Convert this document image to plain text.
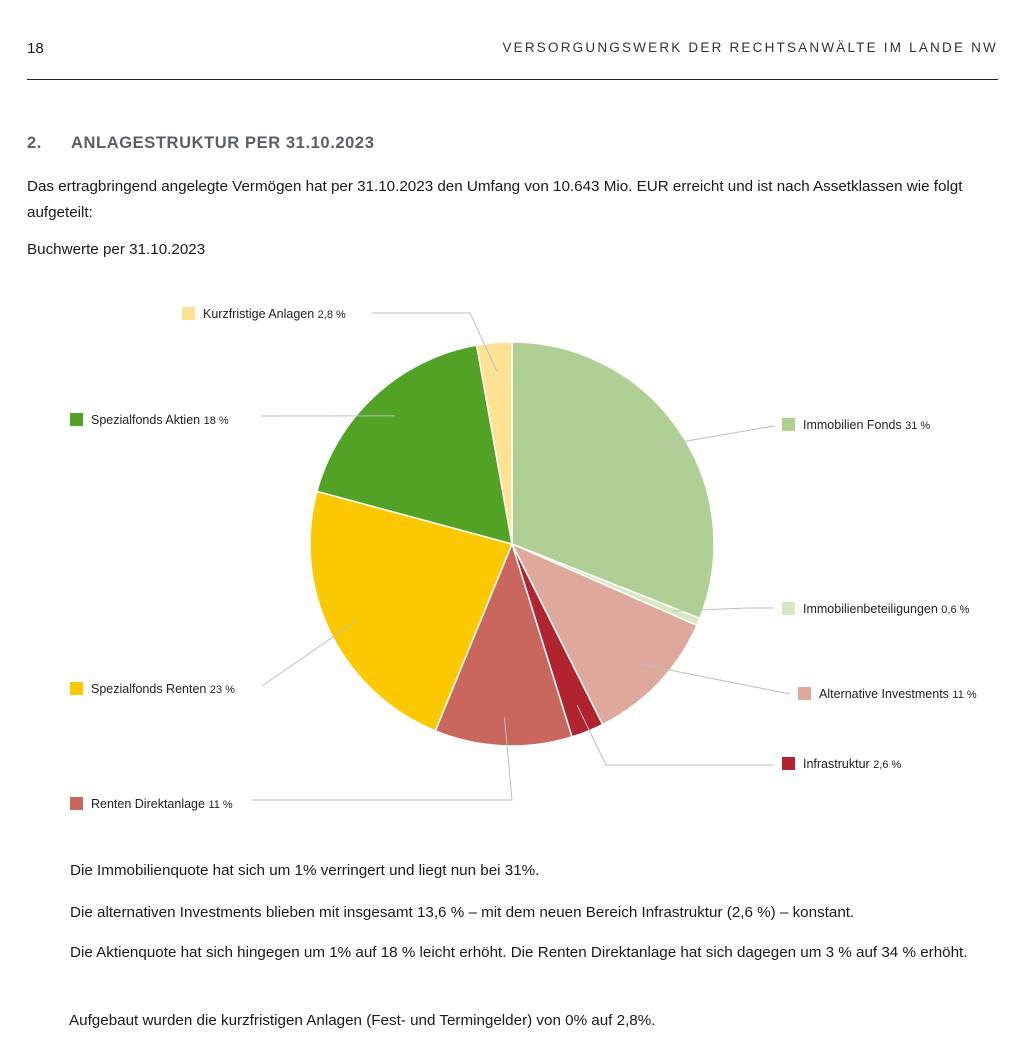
18	VERSORGUNGSWERK DER RECHTSANWÄLTE IM LANDE NW
2. ANLAGESTRUKTUR PER 31.10.2023

Das ertragbringend angelegte Vermögen hat per 31.10.2023 den Umfang von 10.643 Mio. EUR erreicht und ist nach Assetklassen wie folgt aufgeteilt:

Buchwerte per 31.10.2023

Immobilien Fonds 31 %
Immobilienbeteiligungen 0,6 %
Alternative Investments 11 %
Infrastruktur 2,6 %
Renten Direktanlage 11 %
Spezialfonds Renten 23 %
Spezialfonds Aktien 18 %
Kurzfristige Anlagen 2,8 %

Die Immobilienquote hat sich um 1% verringert und liegt nun bei 31%.

Die alternativen Investments blieben mit insgesamt 13,6 % – mit dem neuen Bereich Infrastruktur (2,6 %) – konstant.

Die Aktienquote hat sich hingegen um 1% auf 18 % leicht erhöht. Die Renten Direktanlage hat sich dagegen um 3 % auf 34 % erhöht.

Aufgebaut wurden die kurzfristigen Anlagen (Fest- und Termingelder) von 0% auf 2,8%.
